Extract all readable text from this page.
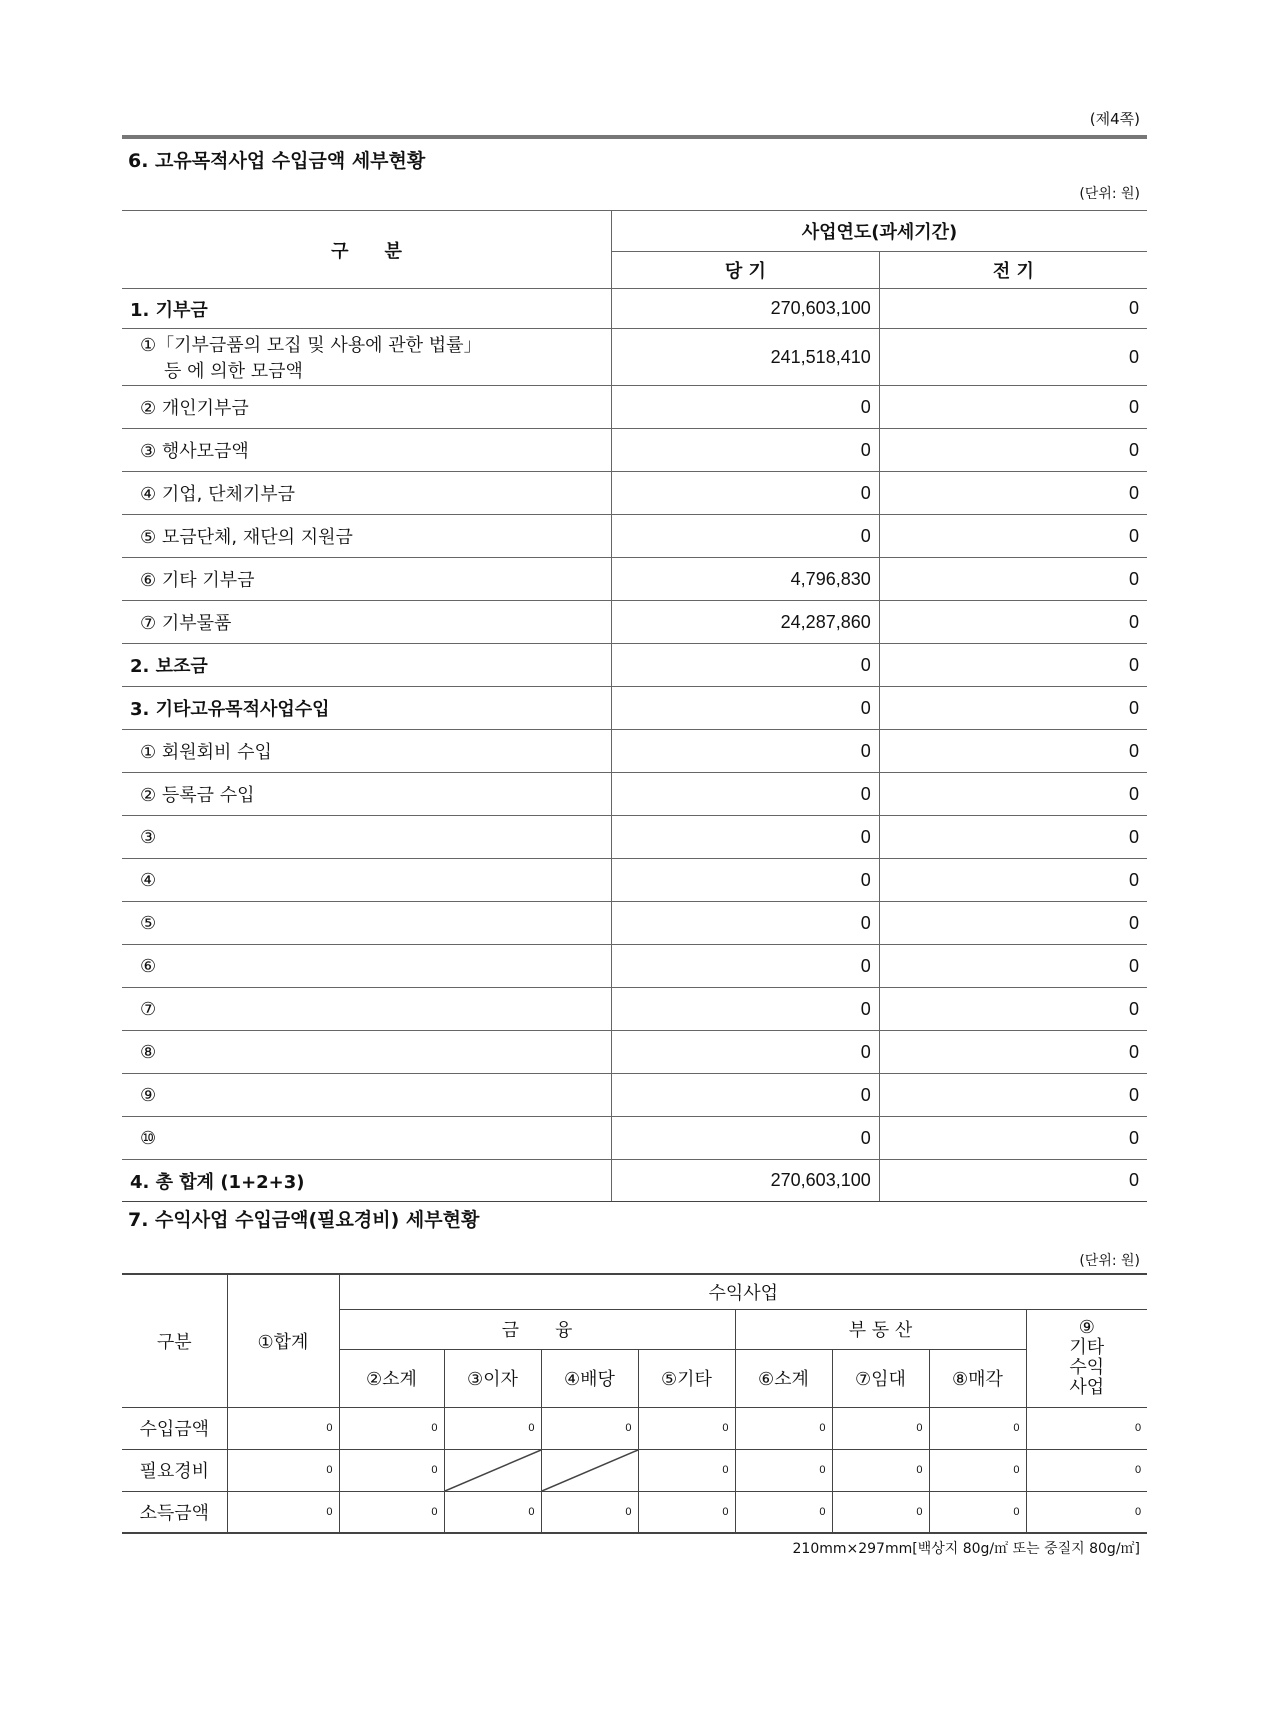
(제4쪽)
6. 고유목적사업 수입금액 세부현황
(단위: 원)
구　　분	사업연도(과세기간)	
	당 기	전 기
1. 기부금	270,603,100	0

①「기부금품의 모집 및 사용에 관한 법률」
등 에 의한 모금액	241,518,410	0
② 개인기부금	0	0
③ 행사모금액	0	0
④ 기업, 단체기부금	0	0
⑤ 모금단체, 재단의 지원금	0	0
⑥ 기타 기부금	4,796,830	0
⑦ 기부물품	24,287,860	0
2. 보조금	0	0
3. 기타고유목적사업수입	0	0
① 회원회비 수입	0	0
② 등록금 수입	0	0
③	0	0
④	0	0
⑤	0	0
⑥	0	0
⑦	0	0
⑧	0	0
⑨	0	0
⑩	0	0
4. 총 합계 (1+2+3)	270,603,100	0
7. 수익사업 수입금액(필요경비) 세부현황
(단위: 원)
구분	①합계	수익사업							
		금　　융				부 동 산			⑨
기타
수익
사업

		②소계	③이자	④배당	⑤기타	⑥소계	⑦임대	⑧매각	
수입금액	0	0	0	0	0	0	0	0	0
필요경비	0	0			0	0	0	0	0
소득금액	0	0	0	0	0	0	0	0	0
210mm×297mm[백상지 80g/㎡ 또는 중질지 80g/㎡]
